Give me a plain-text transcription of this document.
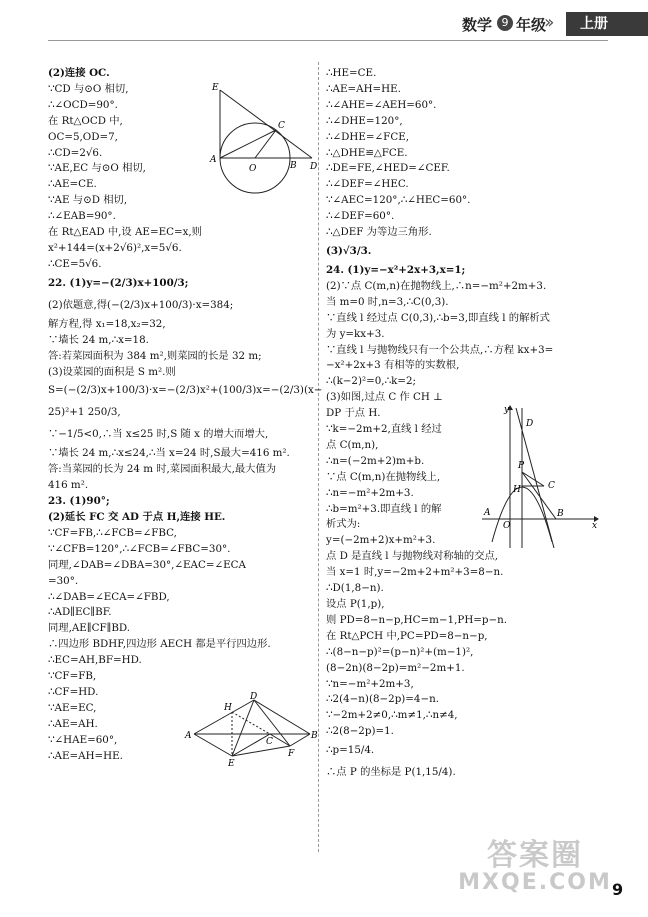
数学 9 年级
››	上册
(2)连接 OC.
∵CD 与⊙O 相切,
∴∠OCD=90°.
在 Rt△OCD 中,
OC=5,OD=7,
∴CD=2√6.
∵AE,EC 与⊙O 相切,
∴AE=CE.
∵AE 与⊙D 相切,
∴∠EAB=90°.
在 Rt△EAD 中,设 AE=EC=x,则
x²+144=(x+2√6)²,x=5√6.
∴CE=5√6.
22. (1)y=−(2/3)x+100/3;
(2)依题意,得(−(2/3)x+100/3)·x=384;
解方程,得 x₁=18,x₂=32,
∵墙长 24 m,∴x=18.
答:若菜园面积为 384 m²,则菜园的长是 32 m;
(3)设菜园的面积是 S m².则
S=(−(2/3)x+100/3)·x=−(2/3)x²+(100/3)x=−(2/3)(x−
25)²+1 250/3,
∵−1/5<0,∴当 x≤25 时,S 随 x 的增大而增大,
∵墙长 24 m,∴x≤24,∴当 x=24 时,S最大=416 m².
答:当菜园的长为 24 m 时,菜园面积最大,最大值为
416 m².
23. (1)90°;
(2)延长 FC 交 AD 于点 H,连接 HE.
∵CF=FB,∴∠FCB=∠FBC,
∵∠CFB=120°,∴∠FCB=∠FBC=30°.
同理,∠DAB=∠DBA=30°,∠EAC=∠ECA
=30°.
∴∠DAB=∠ECA=∠FBD,
∴AD∥EC∥BF.
同理,AE∥CF∥BD.
∴四边形 BDHF,四边形 AECH 都是平行四边形.
∴EC=AH,BF=HD.
∵CF=FB,
∴CF=HD.
∵AE=EC,
∴AE=AH.
∵∠HAE=60°,
∴AE=AH=HE.
∴HE=CE.
∴AE=AH=HE.
∴∠AHE=∠AEH=60°.
∴∠DHE=120°,
∴∠DHE=∠FCE,
∴△DHE≌△FCE.
∴DE=FE,∠HED=∠CEF.
∴∠DEF=∠HEC.
∵∠AEC=120°,∴∠HEC=60°.
∴∠DEF=60°.
∴△DEF 为等边三角形.
(3)√3/3.
24. (1)y=−x²+2x+3,x=1;
(2)∵点 C(m,n)在抛物线上,∴n=−m²+2m+3.
当 m=0 时,n=3,∴C(0,3).
∵直线 l 经过点 C(0,3),∴b=3,即直线 l 的解析式
为 y=kx+3.
∵直线 l 与抛物线只有一个公共点,∴方程 kx+3=
−x²+2x+3 有相等的实数根,
∴(k−2)²=0,∴k=2;
(3)如图,过点 C 作 CH ⊥
DP 于点 H.
∵k=−2m+2,直线 l 经过
点 C(m,n),
∴n=(−2m+2)m+b.
∵点 C(m,n)在抛物线上,
∴n=−m²+2m+3.
∴b=m²+3.即直线 l 的解
析式为:
y=(−2m+2)x+m²+3.
点 D 是直线 l 与抛物线对称轴的交点,
当 x=1 时,y=−2m+2+m²+3=8−n.
∴D(1,8−n).
设点 P(1,p),
则 PD=8−n−p,HC=m−1,PH=p−n.
在 Rt△PCH 中,PC=PD=8−n−p,
∴(8−n−p)²=(p−n)²+(m−1)²,
(8−2n)(8−2p)=m²−2m+1.
∵n=−m²+2m+3,
∴2(4−n)(8−2p)=4−n.
∵−2m+2≠0,∴m≠1,∴n≠4,
∴2(8−2p)=1.
∴p=15/4.
∴点 P 的坐标是 P(1,15/4).
E
C
A
O	B D
H
D
C
A
E
F
B
y
D
P
H	C
A
O
B
x
答案圈
MXQE.COM 9
